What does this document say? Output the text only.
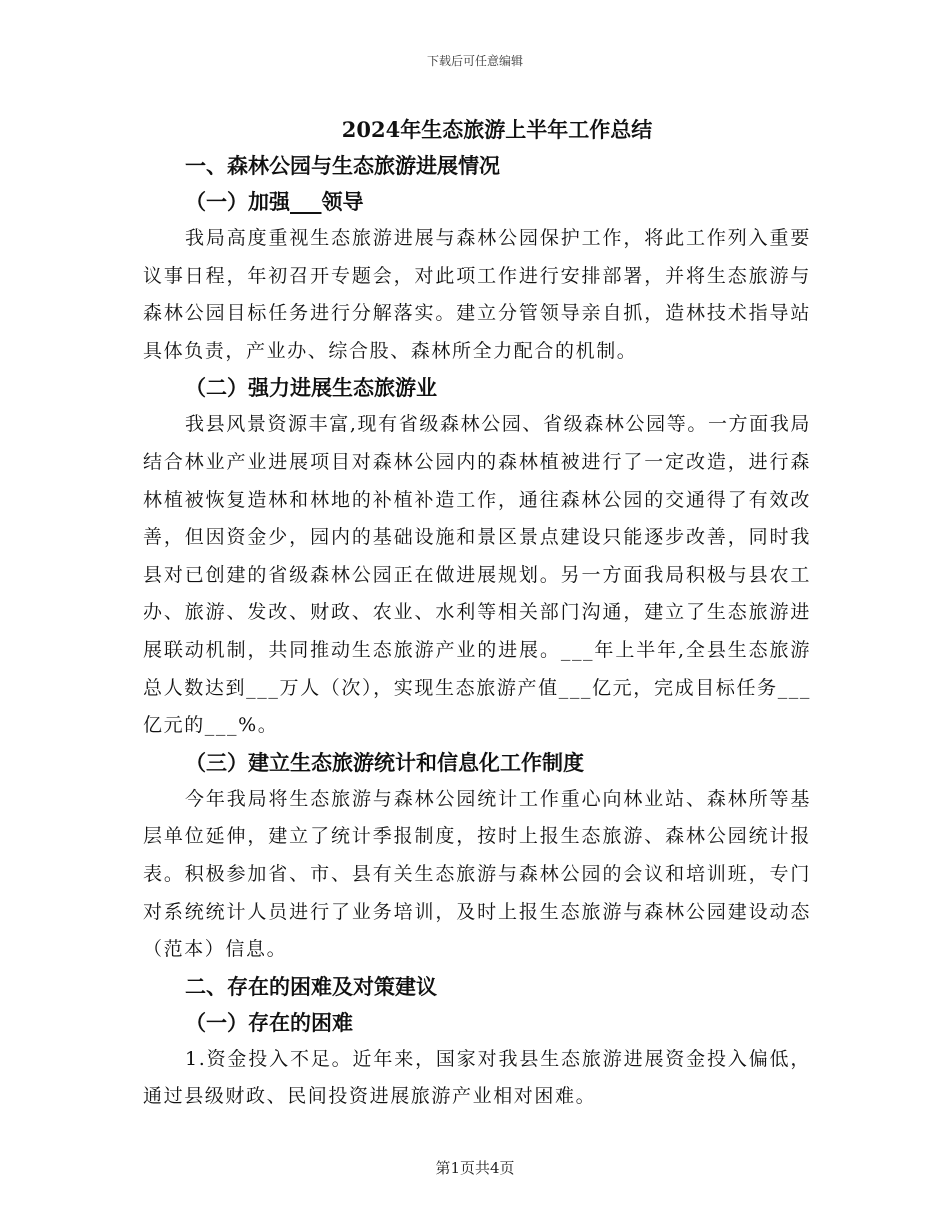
下载后可任意编辑
2024年生态旅游上半年工作总结
一、森林公园与生态旅游进展情况
（一）加强___领导

我局高度重视生态旅游进展与森林公园保护工作，将此工作列入重要议事日程，年初召开专题会，对此项工作进行安排部署，并将生态旅游与森林公园目标任务进行分解落实。建立分管领导亲自抓，造林技术指导站具体负责，产业办、综合股、森林所全力配合的机制。

（二）强力进展生态旅游业

我县风景资源丰富,现有省级森林公园、省级森林公园等。一方面我局结合林业产业进展项目对森林公园内的森林植被进行了一定改造，进行森林植被恢复造林和林地的补植补造工作，通往森林公园的交通得了有效改善，但因资金少，园内的基础设施和景区景点建设只能逐步改善，同时我县对已创建的省级森林公园正在做进展规划。另一方面我局积极与县农工办、旅游、发改、财政、农业、水利等相关部门沟通，建立了生态旅游进展联动机制，共同推动生态旅游产业的进展。___年上半年,全县生态旅游总人数达到___万人（次），实现生态旅游产值___亿元，完成目标任务___亿元的___%。

（三）建立生态旅游统计和信息化工作制度

今年我局将生态旅游与森林公园统计工作重心向林业站、森林所等基层单位延伸，建立了统计季报制度，按时上报生态旅游、森林公园统计报表。积极参加省、市、县有关生态旅游与森林公园的会议和培训班，专门对系统统计人员进行了业务培训，及时上报生态旅游与森林公园建设动态（范本）信息。

二、存在的困难及对策建议
（一）存在的困难

1.资金投入不足。近年来，国家对我县生态旅游进展资金投入偏低，通过县级财政、民间投资进展旅游产业相对困难。

第1页共4页
